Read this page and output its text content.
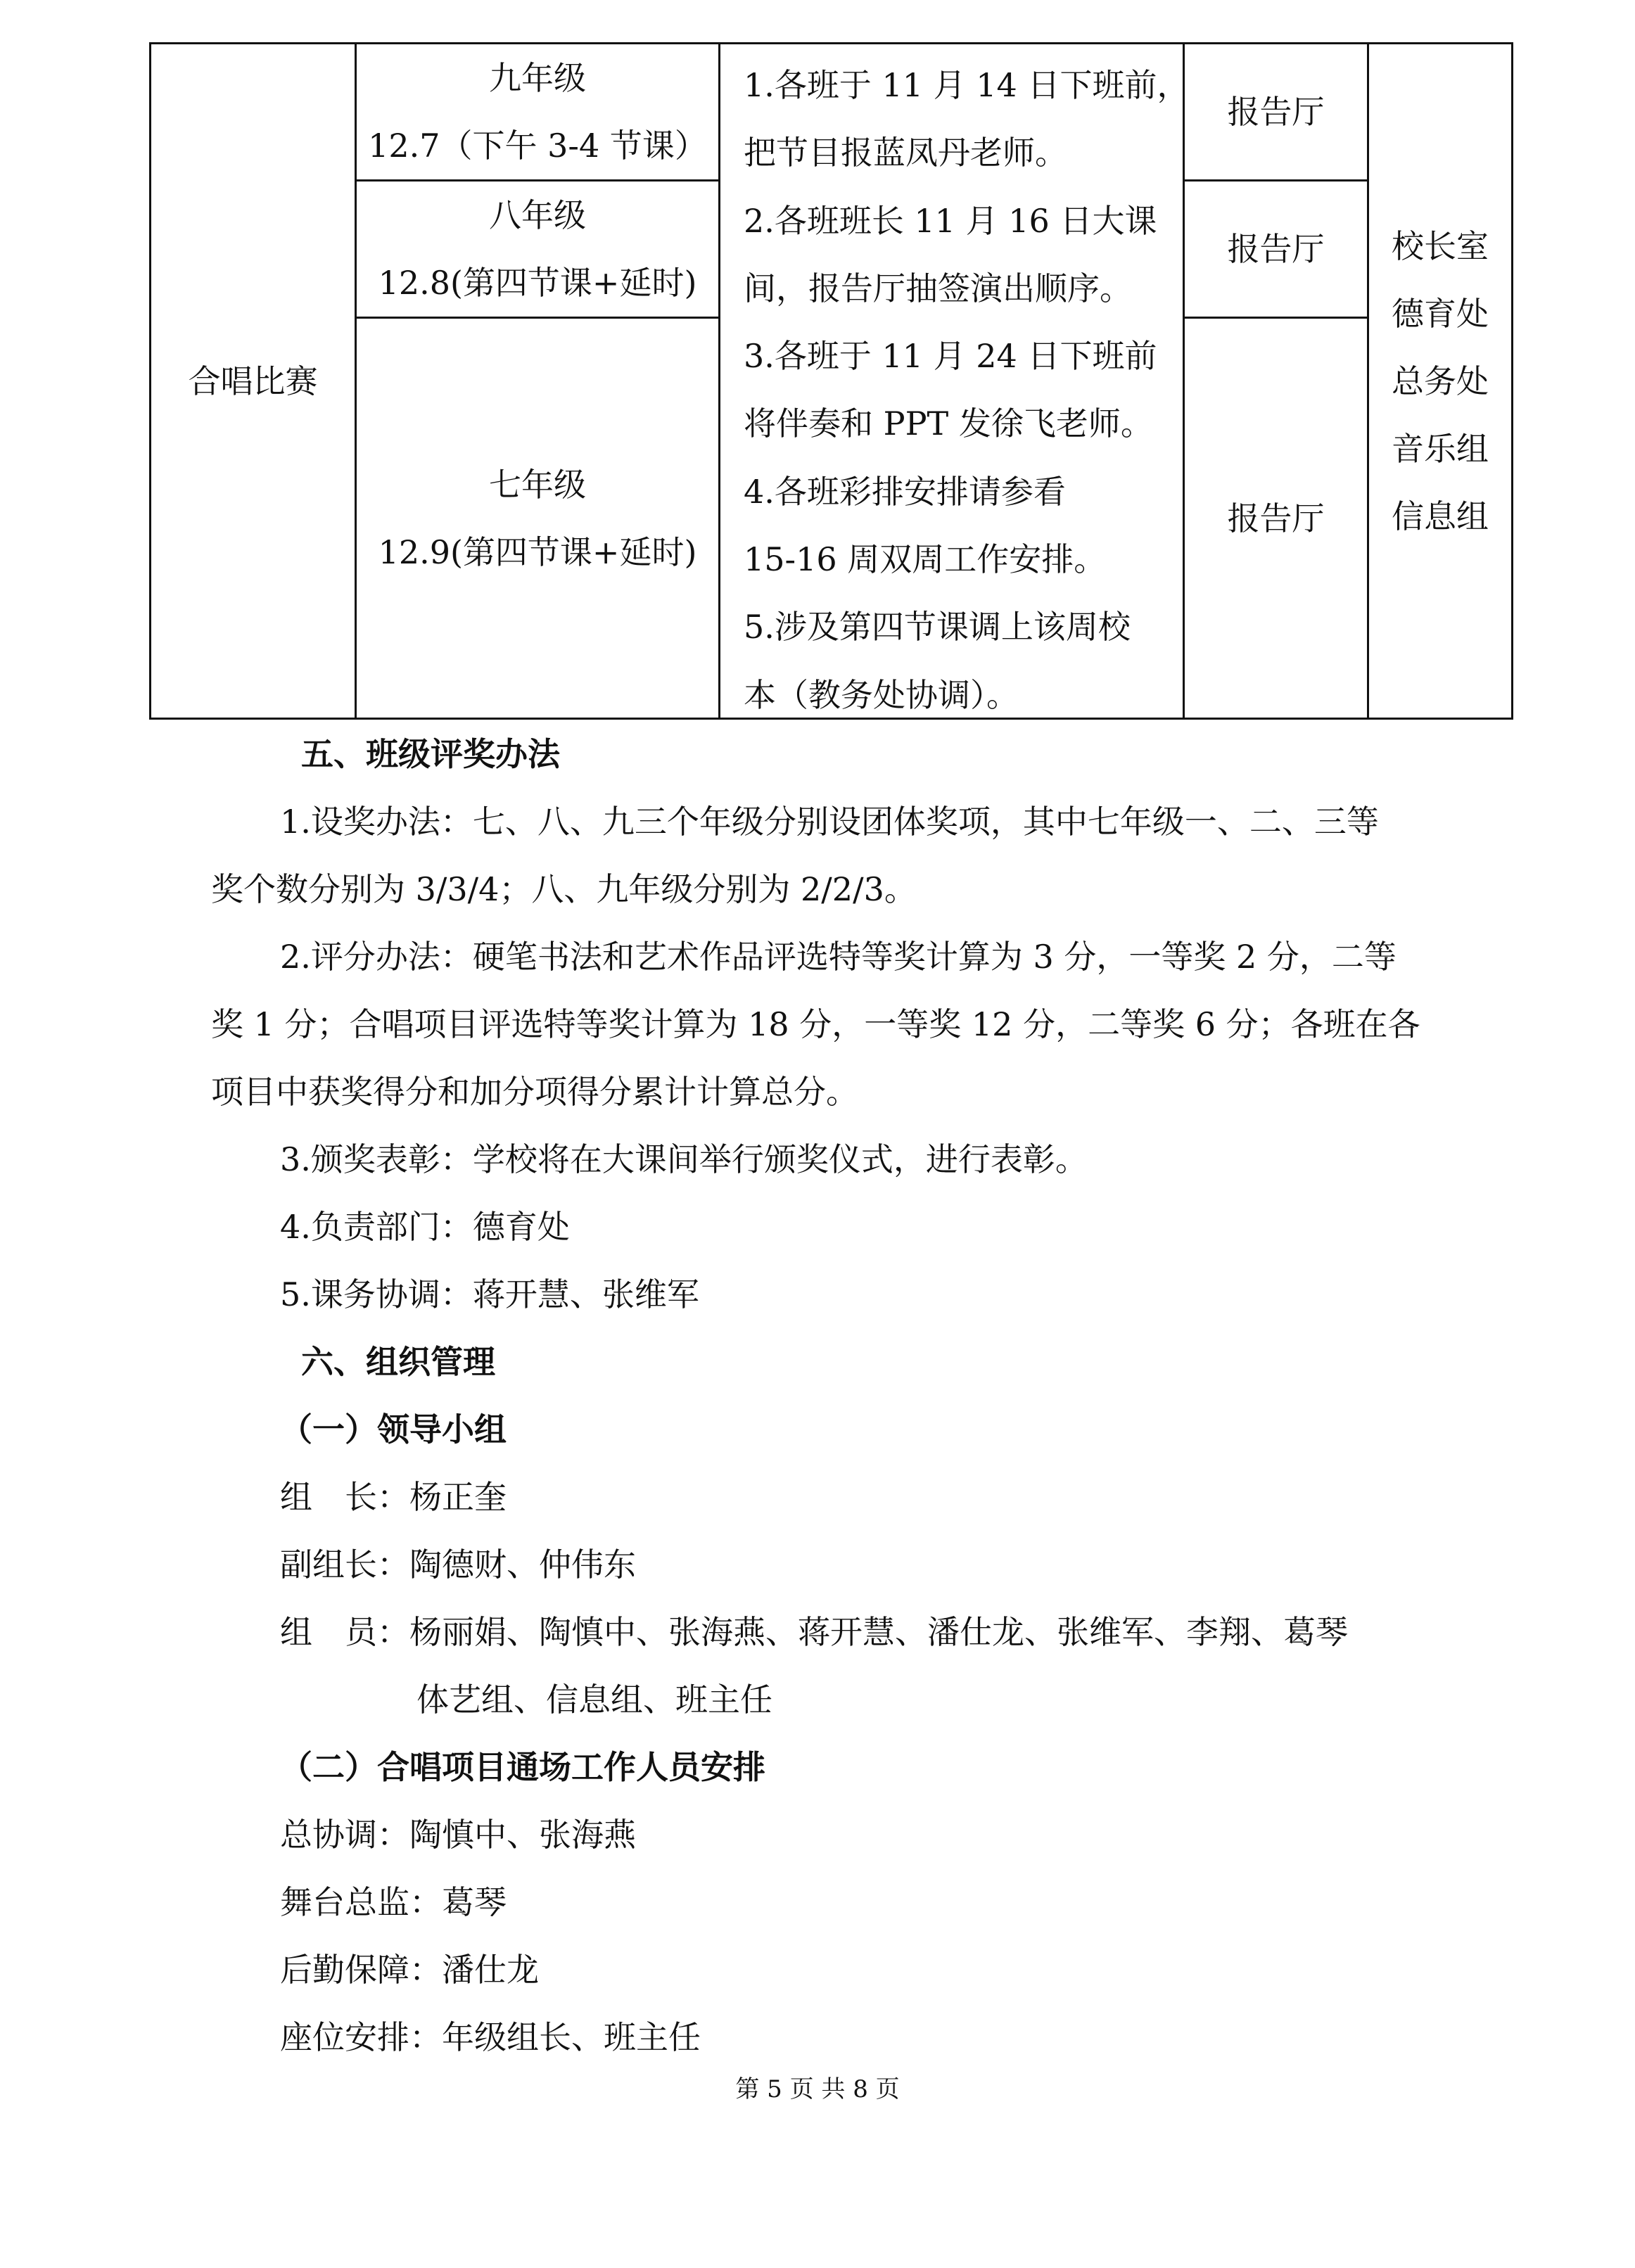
合唱比赛
九年级
12.7（下午 3-4 节课）
八年级
12.8(第四节课+延时)
七年级
12.9(第四节课+延时)
1.各班于 11 月 14 日下班前，
把节目报蓝凤丹老师。
2.各班班长 11 月 16 日大课
间，报告厅抽签演出顺序。
3.各班于 11 月 24 日下班前
将伴奏和 PPT 发徐飞老师。
4.各班彩排安排请参看
15-16 周双周工作安排。
5.涉及第四节课调上该周校
本（教务处协调）。
报告厅
报告厅
报告厅
校长室
德育处
总务处
音乐组
信息组
五、班级评奖办法
1.设奖办法：七、八、九三个年级分别设团体奖项，其中七年级一、二、三等
奖个数分别为 3/3/4；八、九年级分别为 2/2/3。
2.评分办法：硬笔书法和艺术作品评选特等奖计算为 3 分，一等奖 2 分，二等
奖 1 分；合唱项目评选特等奖计算为 18 分，一等奖 12 分，二等奖 6 分；各班在各
项目中获奖得分和加分项得分累计计算总分。
3.颁奖表彰：学校将在大课间举行颁奖仪式，进行表彰。
4.负责部门：德育处
5.课务协调：蒋开慧、张维军
六、组织管理
（一）领导小组
组　长：杨正奎
副组长：陶德财、仲伟东
组　员：杨丽娟、陶慎中、张海燕、蒋开慧、潘仕龙、张维军、李翔、葛琴
体艺组、信息组、班主任
（二）合唱项目通场工作人员安排
总协调：陶慎中、张海燕
舞台总监：葛琴
后勤保障：潘仕龙
座位安排：年级组长、班主任
第 5 页 共 8 页
